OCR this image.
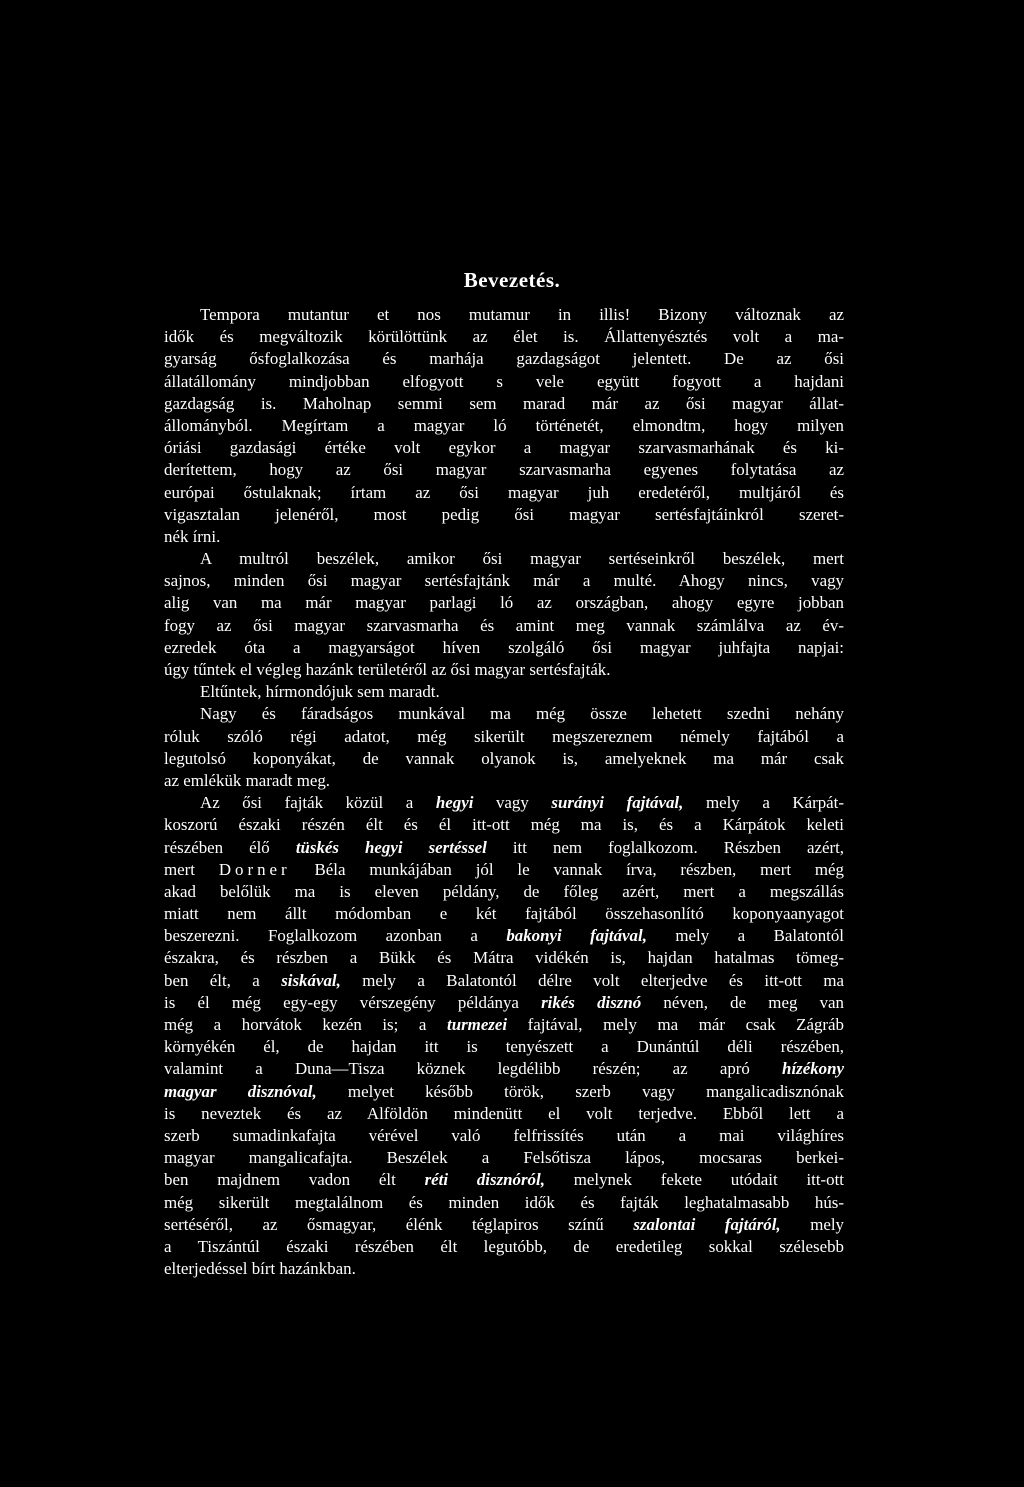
Bevezetés.
Tempora mutantur et nos mutamur in illis! Bizony változnak az
idők és megváltozik körülöttünk az élet is. Állattenyésztés volt a ma-
gyarság ősfoglalkozása és marhája gazdagságot jelentett. De az ősi
állatállomány mindjobban elfogyott s vele együtt fogyott a hajdani
gazdagság is. Maholnap semmi sem marad már az ősi magyar állat-
állományból. Megírtam a magyar ló történetét, elmondtm, hogy milyen
óriási gazdasági értéke volt egykor a magyar szarvasmarhának és ki-
derítettem, hogy az ősi magyar szarvasmarha egyenes folytatása az
európai őstulaknak; írtam az ősi magyar juh eredetéről, multjáról és
vigasztalan jelenéről, most pedig ősi magyar sertésfajtáinkról szeret-
nék írni.
A multról beszélek, amikor ősi magyar sertéseinkről beszélek, mert
sajnos, minden ősi magyar sertésfajtánk már a multé. Ahogy nincs, vagy
alig van ma már magyar parlagi ló az országban, ahogy egyre jobban
fogy az ősi magyar szarvasmarha és amint meg vannak számlálva az év-
ezredek óta a magyarságot híven szolgáló ősi magyar juhfajta napjai:
úgy tűntek el végleg hazánk területéről az ősi magyar sertésfajták.
Eltűntek, hírmondójuk sem maradt.
Nagy és fáradságos munkával ma még össze lehetett szedni nehány
róluk szóló régi adatot, még sikerült megszereznem némely fajtából a
legutolsó koponyákat, de vannak olyanok is, amelyeknek ma már csak
az emlékük maradt meg.
Az ősi fajták közül a hegyi vagy surányi fajtával, mely a Kárpát-
koszorú északi részén élt és él itt-ott még ma is, és a Kárpátok keleti
részében élő tüskés hegyi sertéssel itt nem foglalkozom. Részben azért,
mert Dorner Béla munkájában jól le vannak írva, részben, mert még
akad belőlük ma is eleven példány, de főleg azért, mert a megszállás
miatt nem állt módomban e két fajtából összehasonlító koponyaanyagot
beszerezni. Foglalkozom azonban a bakonyi fajtával, mely a Balatontól
északra, és részben a Bükk és Mátra vidékén is, hajdan hatalmas tömeg-
ben élt, a siskával, mely a Balatontól délre volt elterjedve és itt-ott ma
is él még egy-egy vérszegény példánya rikés disznó néven, de meg van
még a horvátok kezén is; a turmezei fajtával, mely ma már csak Zágráb
környékén él, de hajdan itt is tenyészett a Dunántúl déli részében,
valamint a Duna—Tisza köznek legdélibb részén; az apró hízékony
magyar disznóval, melyet később török, szerb vagy mangalicadisznónak
is neveztek és az Alföldön mindenütt el volt terjedve. Ebből lett a
szerb sumadinkafajta vérével való felfrissítés után a mai világhíres
magyar mangalicafajta. Beszélek a Felsőtisza lápos, mocsaras berkei-
ben majdnem vadon élt réti disznóról, melynek fekete utódait itt-ott
még sikerült megtalálnom és minden idők és fajták leghatalmasabb hús-
sertéséről, az ősmagyar, élénk téglapiros színű szalontai fajtáról, mely
a Tiszántúl északi részében élt legutóbb, de eredetileg sokkal szélesebb
elterjedéssel bírt hazánkban.
